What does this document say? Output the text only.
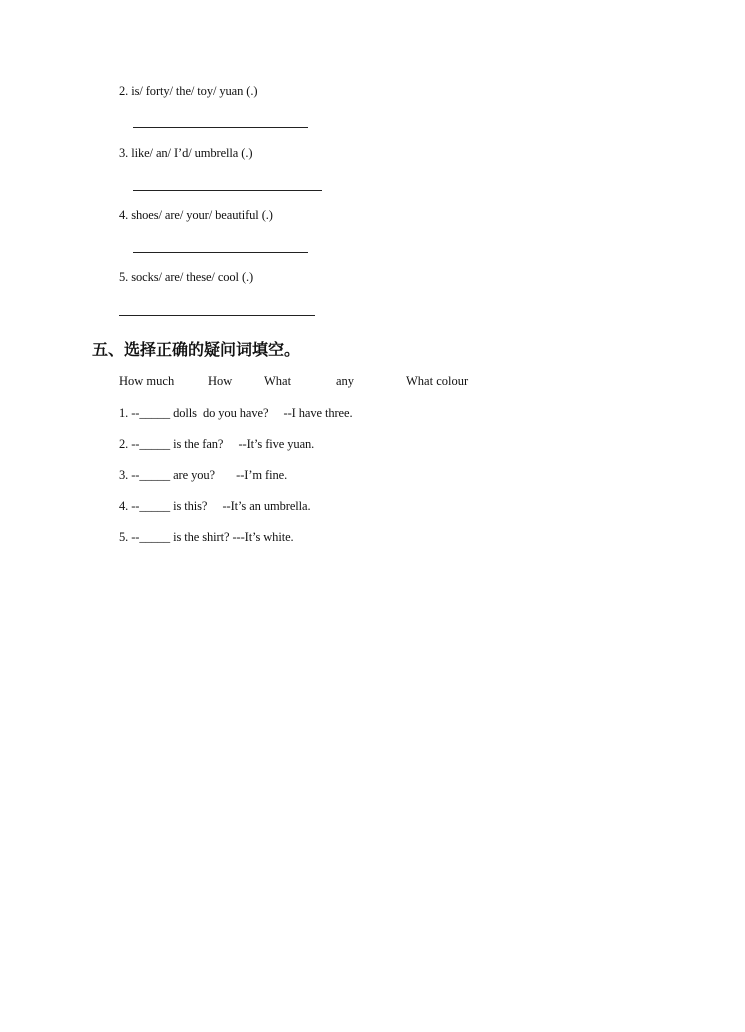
2. is/ forty/ the/ toy/ yuan (.)
3. like/ an/ I’d/ umbrella (.)
4. shoes/ are/ your/ beautiful (.)
5. socks/ are/ these/ cool (.)
五、选择正确的疑问词填空。
How much	How	What	any	What colour
1. --_____ dolls  do you have?     --I have three.
2. --_____ is the fan?     --It’s five yuan.
3. --_____ are you?       --I’m fine.
4. --_____ is this?     --It’s an umbrella.
5. --_____ is the shirt? ---It’s white.
